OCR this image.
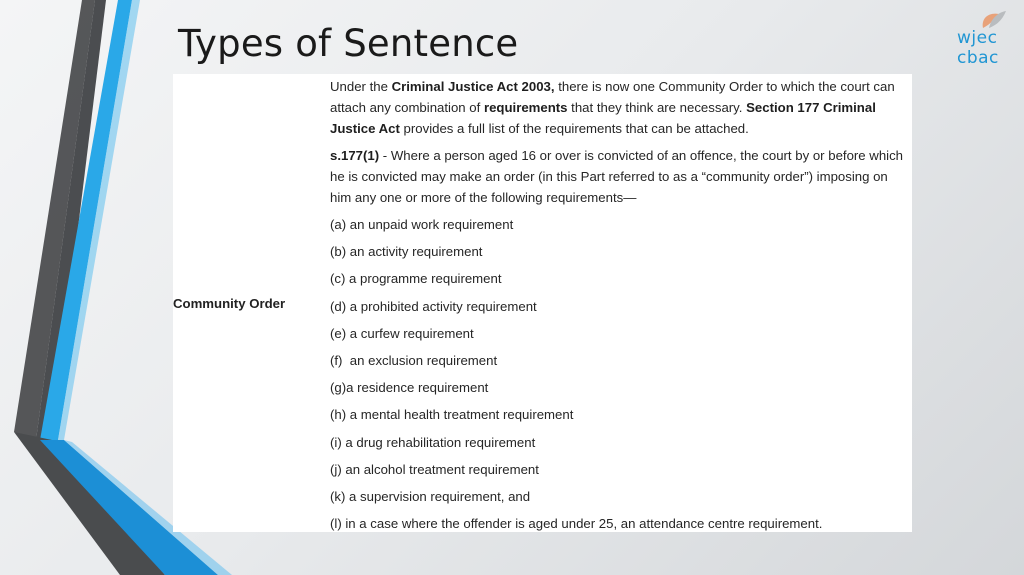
Types of Sentence	wjec
cbac
Community Order

Under the Criminal Justice Act 2003, there is now one Community Order to which the court can attach any combination of requirements that they think are necessary. Section 177 Criminal Justice Act provides a full list of the requirements that can be attached.

s.177(1) - Where a person aged 16 or over is convicted of an offence, the court by or before which he is convicted may make an order (in this Part referred to as a “community order”) imposing on him any one or more of the following requirements—

(a) an unpaid work requirement

(b) an activity requirement

(c) a programme requirement

(d) a prohibited activity requirement

(e) a curfew requirement

(f)  an exclusion requirement

(g)a residence requirement

(h) a mental health treatment requirement

(i) a drug rehabilitation requirement

(j) an alcohol treatment requirement

(k) a supervision requirement, and

(l) in a case where the offender is aged under 25, an attendance centre requirement.
